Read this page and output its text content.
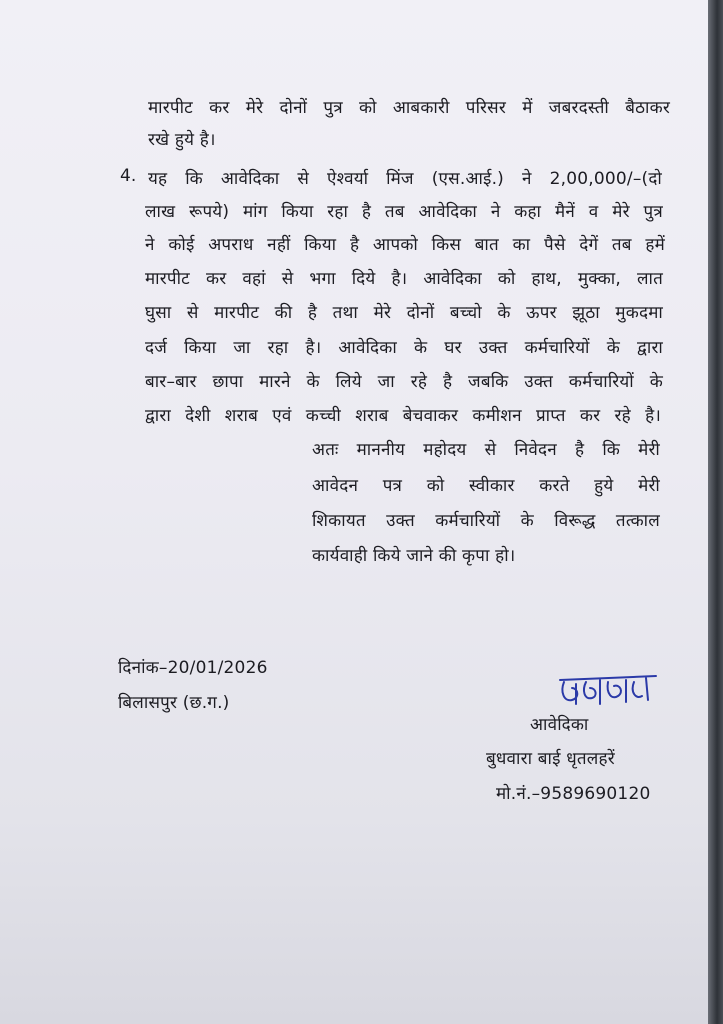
मारपीट कर मेरे दोनों पुत्र को आबकारी परिसर में जबरदस्ती बैठाकर

रखे हुये है।

4. यह कि आवेदिका से ऐश्वर्या मिंज (एस.आई.) ने 2,00,000/–(दो

लाख रूपये) मांग किया रहा है तब आवेदिका ने कहा मैनें व मेरे पुत्र

ने कोई अपराध नहीं किया है आपको किस बात का पैसे देगें तब हमें

मारपीट कर वहां से भगा दिये है। आवेदिका को हाथ, मुक्का, लात

घुसा से मारपीट की है तथा मेरे दोनों बच्चो के ऊपर झूठा मुकदमा

दर्ज किया जा रहा है। आवेदिका के घर उक्त कर्मचारियों के द्वारा

बार–बार छापा मारने के लिये जा रहे है जबकि उक्त कर्मचारियों के

द्वारा देशी शराब एवं कच्ची शराब बेचवाकर कमीशन प्राप्त कर रहे है।

अतः माननीय महोदय से निवेदन है कि मेरी

आवेदन पत्र को स्वीकार करते हुये मेरी

शिकायत उक्त कर्मचारियों के विरूद्ध तत्काल

कार्यवाही किये जाने की कृपा हो।

दिनांक–20/01/2026

बिलासपुर (छ.ग.)

आवेदिका

बुधवारा बाई धृतलहरें

मो.नं.–9589690120
